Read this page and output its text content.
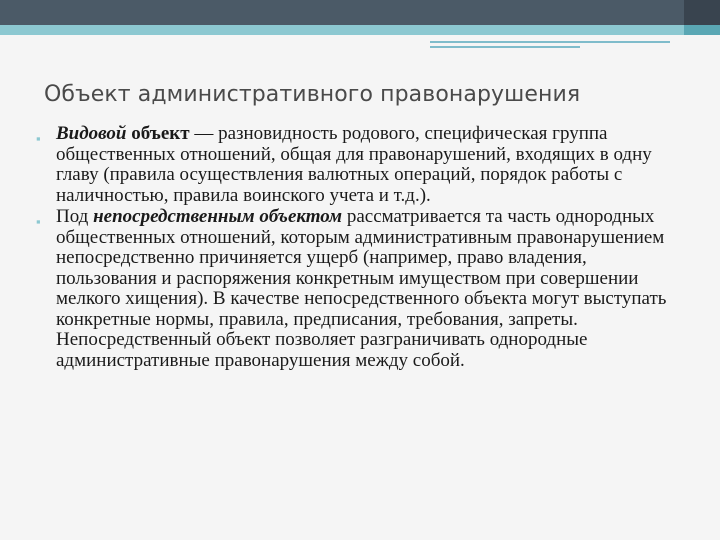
Объект административного правонарушения
▪ Видовой объект — разновидность родового, специфическая группа общественных отношений, общая для правонарушений, входящих в одну главу (правила осуществления валютных операций, порядок работы с наличностью, правила воинского учета и т.д.).
▪ Под непосредственным объектом рассматривается та часть однородных общественных отношений, которым административным правонарушением непосредственно причиняется ущерб (например, право владения, пользования и распоряжения конкретным имуществом при совершении мелкого хищения). В качестве непосредственного объекта могут выступать конкретные нормы, правила, предписания, требования, запреты. Непосредственный объект позволяет разграничивать однородные административные правонарушения между собой.
